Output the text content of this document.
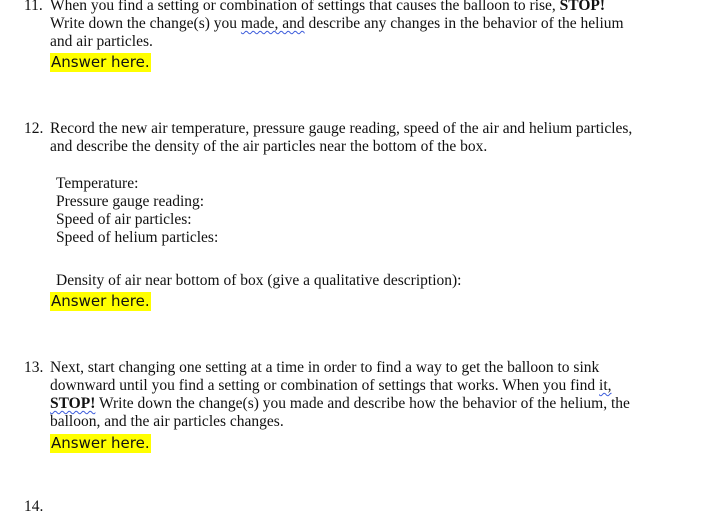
11. When you find a setting or combination of settings that causes the balloon to rise, STOP!
Write down the change(s) you made, and describe any changes in the behavior of the helium
and air particles.
Answer here.
12. Record the new air temperature, pressure gauge reading, speed of the air and helium particles,
and describe the density of the air particles near the bottom of the box.
Temperature:
Pressure gauge reading:
Speed of air particles:
Speed of helium particles:
Density of air near bottom of box (give a qualitative description):
Answer here.
13. Next, start changing one setting at a time in order to find a way to get the balloon to sink
downward until you find a setting or combination of settings that works. When you find it,
STOP! Write down the change(s) you made and describe how the behavior of the helium, the
balloon, and the air particles changes.
Answer here.
14.
